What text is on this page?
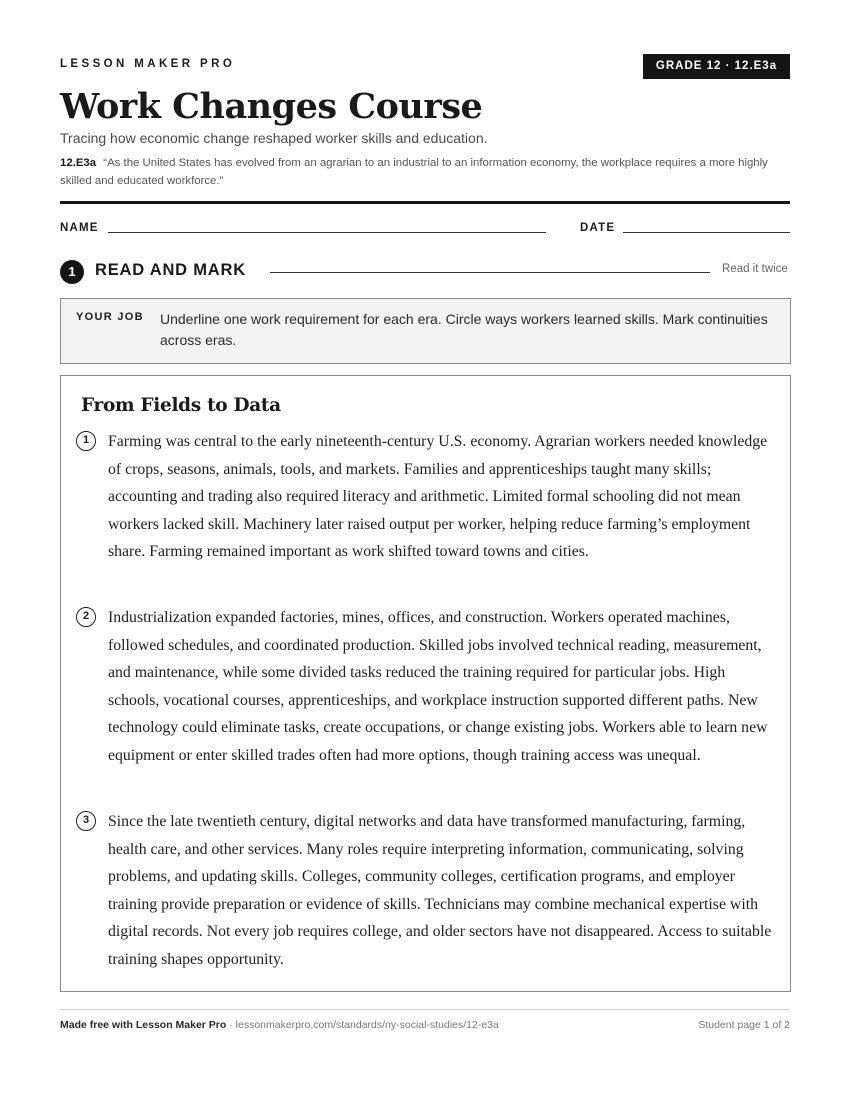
LESSON MAKER PRO	GRADE 12 · 12.E3a
Work Changes Course
Tracing how economic change reshaped worker skills and education.
12.E3a “As the United States has evolved from an agrarian to an industrial to an information economy, the workplace requires a more highly skilled and educated workforce.”
NAME	DATE
1	READ AND MARK	Read it twice
YOUR JOB Underline one work requirement for each era. Circle ways workers learned skills. Mark continuities across eras.
From Fields to Data
1	Farming was central to the early nineteenth-century U.S. economy. Agrarian workers needed knowledge of crops, seasons, animals, tools, and markets. Families and apprenticeships taught many skills; accounting and trading also required literacy and arithmetic. Limited formal schooling did not mean workers lacked skill. Machinery later raised output per worker, helping reduce farming’s employment share. Farming remained important as work shifted toward towns and cities.

2	Industrialization expanded factories, mines, offices, and construction. Workers operated machines, followed schedules, and coordinated production. Skilled jobs involved technical reading, measurement, and maintenance, while some divided tasks reduced the training required for particular jobs. High schools, vocational courses, apprenticeships, and workplace instruction supported different paths. New technology could eliminate tasks, create occupations, or change existing jobs. Workers able to learn new equipment or enter skilled trades often had more options, though training access was unequal.

3	Since the late twentieth century, digital networks and data have transformed manufacturing, farming, health care, and other services. Many roles require interpreting information, communicating, solving problems, and updating skills. Colleges, community colleges, certification programs, and employer training provide preparation or evidence of skills. Technicians may combine mechanical expertise with digital records. Not every job requires college, and older sectors have not disappeared. Access to suitable training shapes opportunity.

Made free with Lesson Maker Pro · lessonmakerpro.com/standards/ny-social-studies/12-e3a	Student page 1 of 2
